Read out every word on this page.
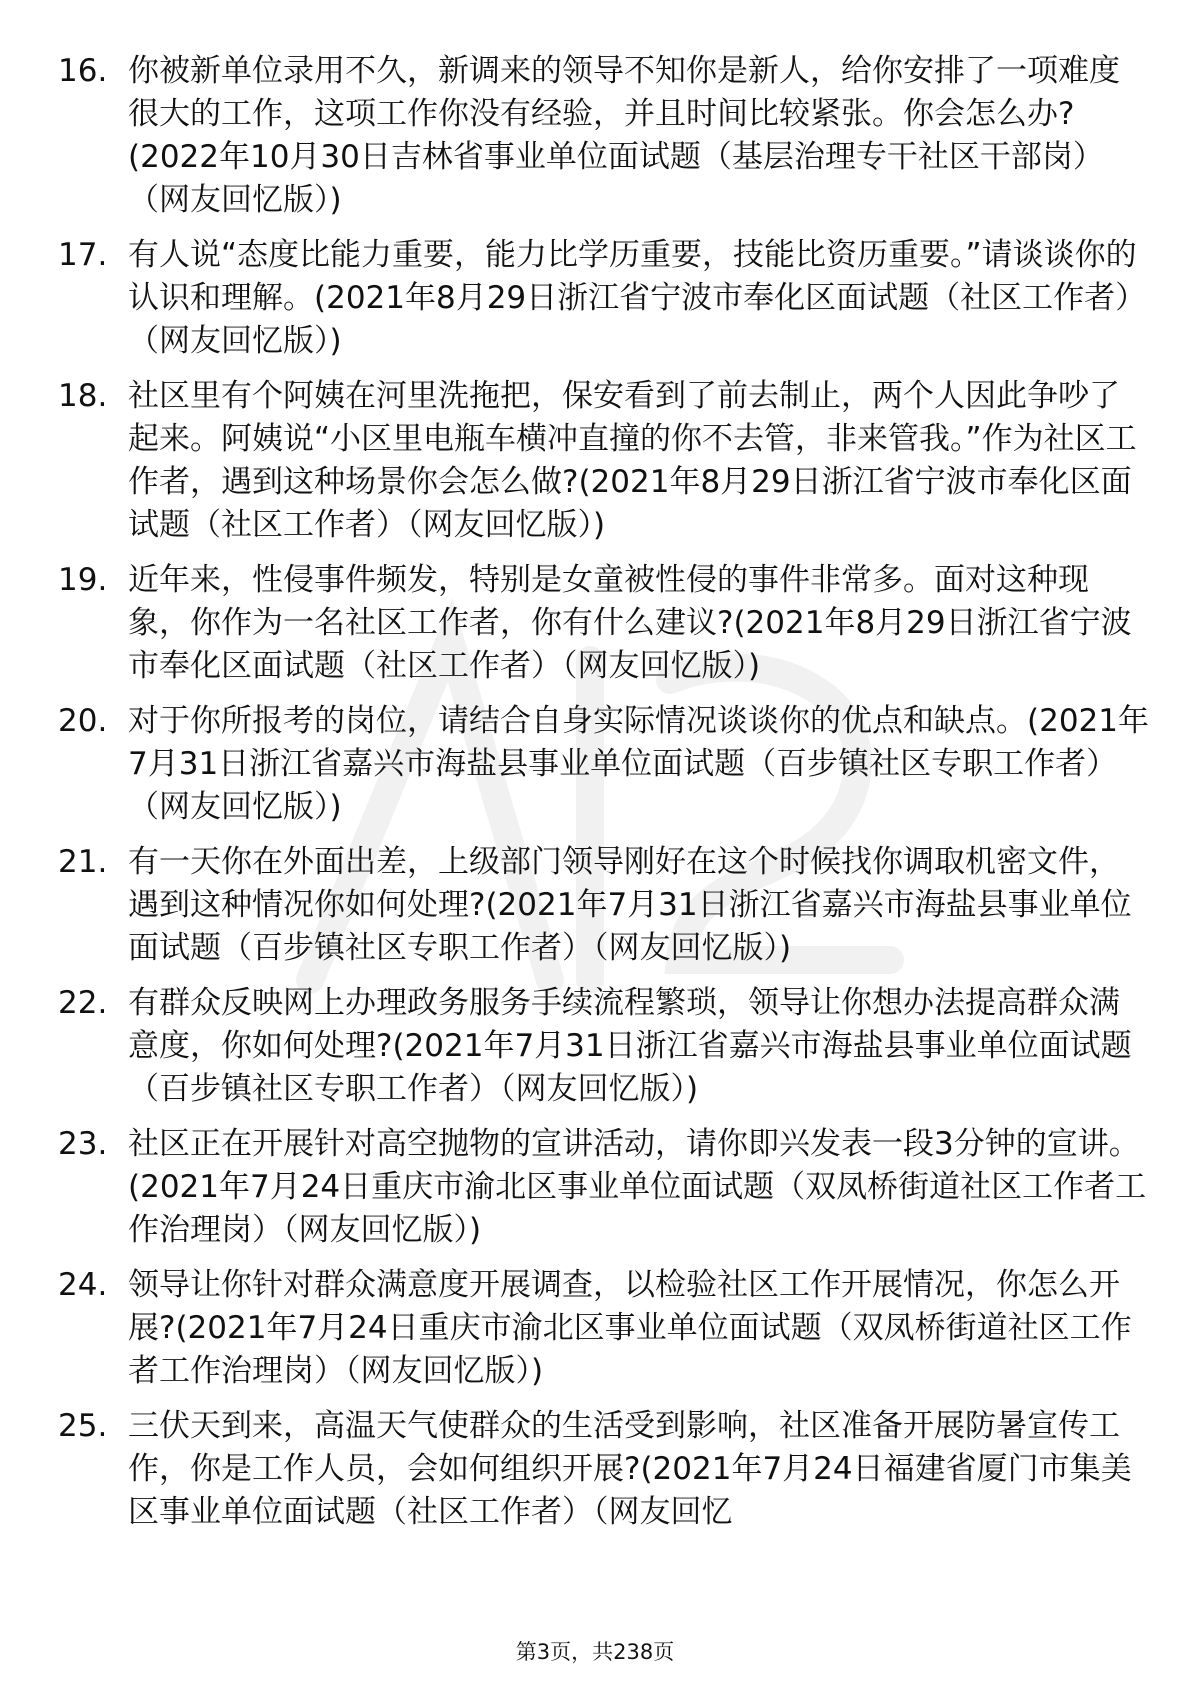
16. 你被新单位录用不久，新调来的领导不知你是新人，给你安排了一项难度很大的工作，这项工作你没有经验，并且时间比较紧张。你会怎么办?(2022年10月30日吉林省事业单位面试题（基层治理专干社区干部岗）（网友回忆版）)
17. 有人说“态度比能力重要，能力比学历重要，技能比资历重要。”请谈谈你的认识和理解。(2021年8月29日浙江省宁波市奉化区面试题（社区工作者）（网友回忆版）)
18. 社区里有个阿姨在河里洗拖把，保安看到了前去制止，两个人因此争吵了起来。阿姨说“小区里电瓶车横冲直撞的你不去管，非来管我。”作为社区工作者，遇到这种场景你会怎么做?(2021年8月29日浙江省宁波市奉化区面试题（社区工作者）（网友回忆版）)
19. 近年来，性侵事件频发，特别是女童被性侵的事件非常多。面对这种现象，你作为一名社区工作者，你有什么建议?(2021年8月29日浙江省宁波市奉化区面试题（社区工作者）（网友回忆版）)
20. 对于你所报考的岗位，请结合自身实际情况谈谈你的优点和缺点。(2021年7月31日浙江省嘉兴市海盐县事业单位面试题（百步镇社区专职工作者）（网友回忆版）)
21. 有一天你在外面出差，上级部门领导刚好在这个时候找你调取机密文件，遇到这种情况你如何处理?(2021年7月31日浙江省嘉兴市海盐县事业单位面试题（百步镇社区专职工作者）（网友回忆版）)
22. 有群众反映网上办理政务服务手续流程繁琐，领导让你想办法提高群众满意度，你如何处理?(2021年7月31日浙江省嘉兴市海盐县事业单位面试题（百步镇社区专职工作者）（网友回忆版）)
23. 社区正在开展针对高空抛物的宣讲活动，请你即兴发表一段3分钟的宣讲。(2021年7月24日重庆市渝北区事业单位面试题（双凤桥街道社区工作者工作治理岗）（网友回忆版）)
24. 领导让你针对群众满意度开展调查，以检验社区工作开展情况，你怎么开展?(2021年7月24日重庆市渝北区事业单位面试题（双凤桥街道社区工作者工作治理岗）（网友回忆版）)
25. 三伏天到来，高温天气使群众的生活受到影响，社区准备开展防暑宣传工作，你是工作人员，会如何组织开展?(2021年7月24日福建省厦门市集美区事业单位面试题（社区工作者）（网友回忆
第3页，共238页
